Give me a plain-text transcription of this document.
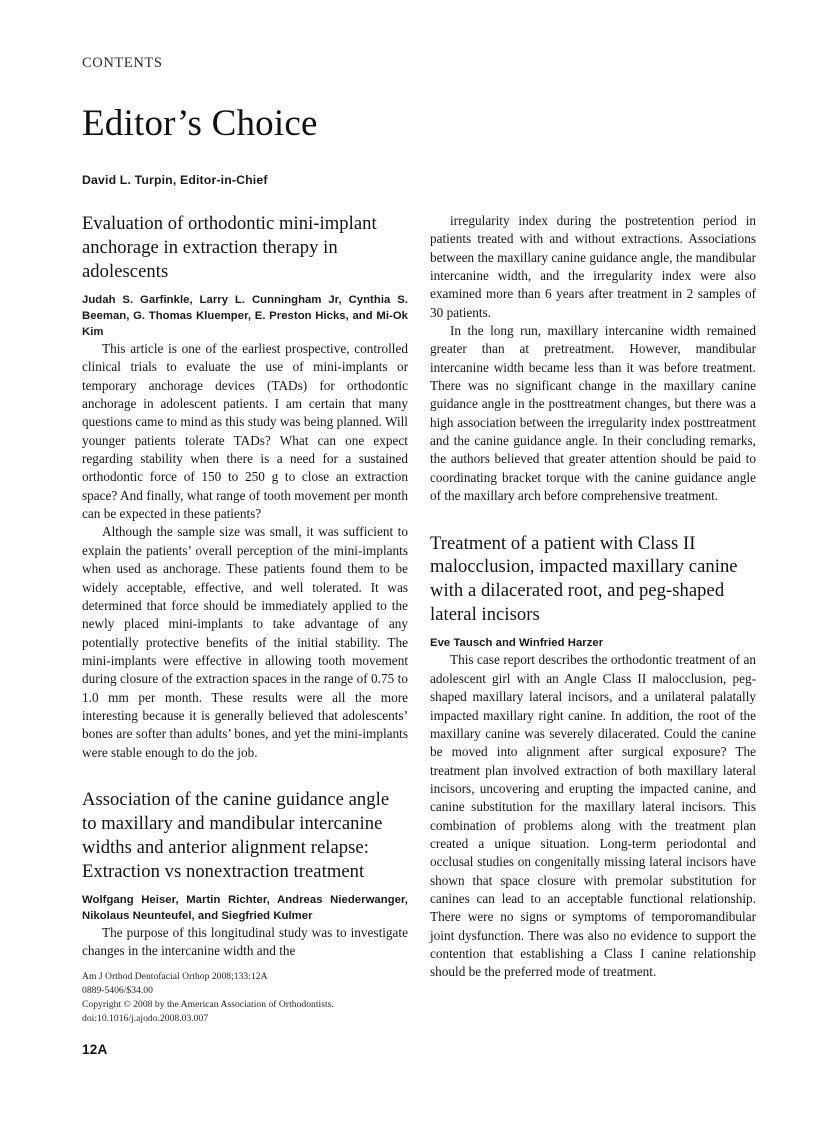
CONTENTS
Editor’s Choice
David L. Turpin, Editor-in-Chief
Evaluation of orthodontic mini-implant anchorage in extraction therapy in adolescents
Judah S. Garfinkle, Larry L. Cunningham Jr, Cynthia S. Beeman, G. Thomas Kluemper, E. Preston Hicks, and Mi-Ok Kim

This article is one of the earliest prospective, controlled clinical trials to evaluate the use of mini-implants or temporary anchorage devices (TADs) for orthodontic anchorage in adolescent patients. I am certain that many questions came to mind as this study was being planned. Will younger patients tolerate TADs? What can one expect regarding stability when there is a need for a sustained orthodontic force of 150 to 250 g to close an extraction space? And finally, what range of tooth movement per month can be expected in these patients?

Although the sample size was small, it was sufficient to explain the patients’ overall perception of the mini-implants when used as anchorage. These patients found them to be widely acceptable, effective, and well tolerated. It was determined that force should be immediately applied to the newly placed mini-implants to take advantage of any potentially protective benefits of the initial stability. The mini-implants were effective in allowing tooth movement during closure of the extraction spaces in the range of 0.75 to 1.0 mm per month. These results were all the more interesting because it is generally believed that adolescents’ bones are softer than adults’ bones, and yet the mini-implants were stable enough to do the job.

Association of the canine guidance angle to maxillary and mandibular intercanine widths and anterior alignment relapse: Extraction vs nonextraction treatment
Wolfgang Heiser, Martin Richter, Andreas Niederwanger, Nikolaus Neunteufel, and Siegfried Kulmer

The purpose of this longitudinal study was to investigate changes in the intercanine width and the

irregularity index during the postretention period in patients treated with and without extractions. Associations between the maxillary canine guidance angle, the mandibular intercanine width, and the irregularity index were also examined more than 6 years after treatment in 2 samples of 30 patients.

In the long run, maxillary intercanine width remained greater than at pretreatment. However, mandibular intercanine width became less than it was before treatment. There was no significant change in the maxillary canine guidance angle in the posttreatment changes, but there was a high association between the irregularity index posttreatment and the canine guidance angle. In their concluding remarks, the authors believed that greater attention should be paid to coordinating bracket torque with the canine guidance angle of the maxillary arch before comprehensive treatment.

Treatment of a patient with Class II malocclusion, impacted maxillary canine with a dilacerated root, and peg-shaped lateral incisors
Eve Tausch and Winfried Harzer

This case report describes the orthodontic treatment of an adolescent girl with an Angle Class II malocclusion, peg-shaped maxillary lateral incisors, and a unilateral palatally impacted maxillary right canine. In addition, the root of the maxillary canine was severely dilacerated. Could the canine be moved into alignment after surgical exposure? The treatment plan involved extraction of both maxillary lateral incisors, uncovering and erupting the impacted canine, and canine substitution for the maxillary lateral incisors. This combination of problems along with the treatment plan created a unique situation. Long-term periodontal and occlusal studies on congenitally missing lateral incisors have shown that space closure with premolar substitution for canines can lead to an acceptable functional relationship. There were no signs or symptoms of temporomandibular joint dysfunction. There was also no evidence to support the contention that establishing a Class I canine relationship should be the preferred mode of treatment.

Am J Orthod Dentofacial Orthop 2008;133:12A
0889-5406/$34.00
Copyright © 2008 by the American Association of Orthodontists.
doi:10.1016/j.ajodo.2008.03.007
12A
